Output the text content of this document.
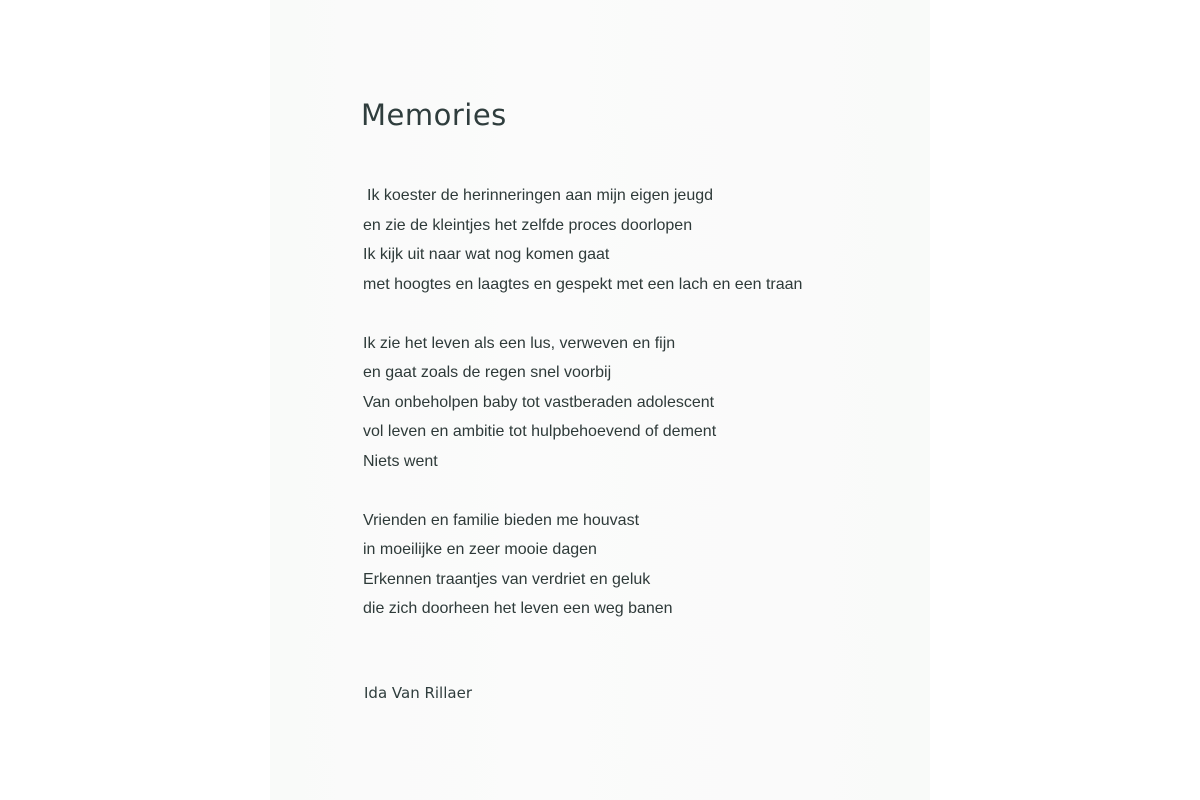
Memories
Ik koester de herinneringen aan mijn eigen jeugd
en zie de kleintjes het zelfde proces doorlopen
Ik kijk uit naar wat nog komen gaat
met hoogtes en laagtes en gespekt met een lach en een traan
Ik zie het leven als een lus, verweven en fijn
en gaat zoals de regen snel voorbij
Van onbeholpen baby tot vastberaden adolescent
vol leven en ambitie tot hulpbehoevend of dement
Niets went
Vrienden en familie bieden me houvast
in moeilijke en zeer mooie dagen
Erkennen traantjes van verdriet en geluk
die zich doorheen het leven een weg banen

Ida Van Rillaer
